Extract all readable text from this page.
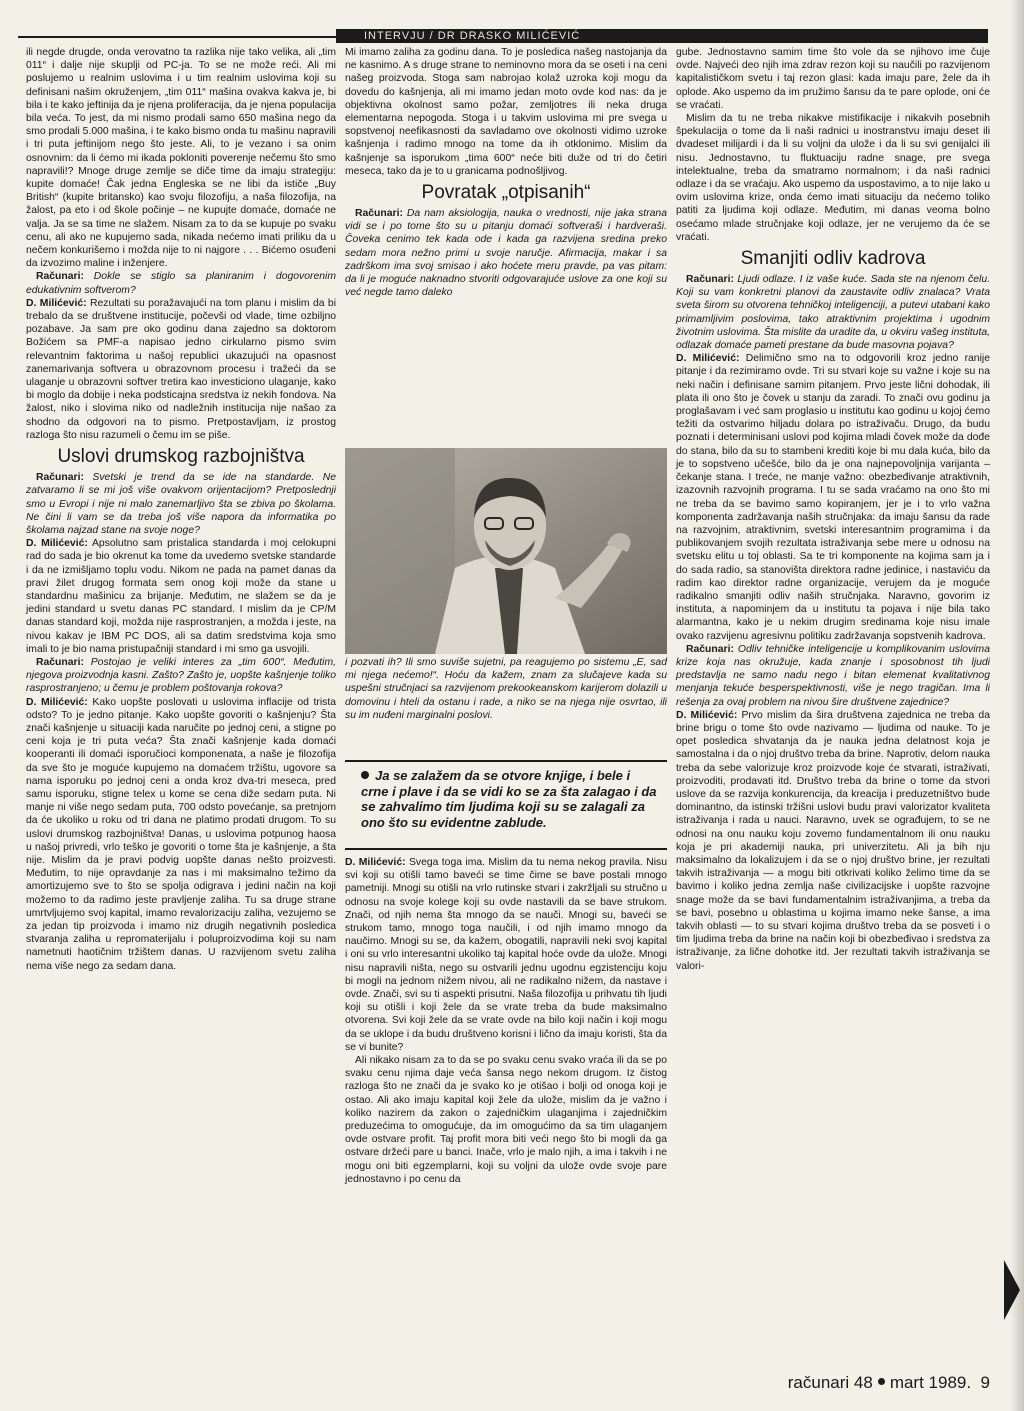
INTERVJU / DR DRASKO MILIĆEVIĆ

ili negde drugde, onda verovatno ta razlika nije tako velika, ali „tim 011“ i dalje nije skuplji od PC-ja. To se ne može reći. Ali mi poslujemo u realnim uslovima i u tim realnim uslovima koji su definisani našim okruženjem, „tim 011“ mašina ovakva kakva je, bi bila i te kako jeftinija da je njena proliferacija, da je njena populacija bila veća. To jest, da mi nismo prodali samo 650 mašina nego da smo prodali 5.000 mašina, i te kako bismo onda tu mašinu napravili i tri puta jeftinijom nego što jeste. Ali, to je vezano i sa onim osnovnim: da li ćemo mi ikada pokloniti poverenje nečemu što smo napravili!? Mnoge druge zemlje se diče time da imaju strategiju: kupite domaće! Čak jedna Engleska se ne libi da ističe „Buy British“ (kupite britansko) kao svoju filozofiju, a naša filozofija, na žalost, pa eto i od škole počinje – ne kupujte domaće, domaće ne valja. Ja se sa time ne slažem. Nisam za to da se kupuje po svaku cenu, ali ako ne kupujemo sada, nikada nećemo imati priliku da u nečem konkurišemo i možda nije to ni najgore . . . Bićemo osuđeni da izvozimo maline i inženjere.

Računari: Dokle se stiglo sa planiranim i dogovorenim edukativnim softverom?

D. Milićević: Rezultati su poražavajući na tom planu i mislim da bi trebalo da se društvene institucije, počevši od vlade, time ozbiljno pozabave. Ja sam pre oko godinu dana zajedno sa doktorom Božićem sa PMF-a napisao jedno cirkularno pismo svim relevantnim faktorima u našoj republici ukazujući na opasnost zanemarivanja softvera u obrazovnom procesu i tražeći da se ulaganje u obrazovni softver tretira kao investiciono ulaganje, kako bi moglo da dobije i neka podsticajna sredstva iz nekih fondova. Na žalost, niko i slovima niko od nadležnih institucija nije našao za shodno da odgovori na to pismo. Pretpostavljam, iz prostog razloga što nisu razumeli o čemu im se piše.

Uslovi drumskog razbojništva

Računari: Svetski je trend da se ide na standarde. Ne zatvaramo li se mi još više ovakvom orijentacijom? Pretposlednji smo u Evropi i nije ni malo zanemarljivo šta se zbiva po školama. Ne čini li vam se da treba još više napora da informatika po školama najzad stane na svoje noge?

D. Milićević: Apsolutno sam pristalica standarda i moj celokupni rad do sada je bio okrenut ka tome da uvedemo svetske standarde i da ne izmišljamo toplu vodu. Nikom ne pada na pamet danas da pravi žilet drugog formata sem onog koji može da stane u standardnu mašinicu za brijanje. Međutim, ne slažem se da je jedini standard u svetu danas PC standard. I mislim da je CP/M danas standard koji, možda nije rasprostranjen, a možda i jeste, na nivou kakav je IBM PC DOS, ali sa datim sredstvima koja smo imali to je bio nama pristupačniji standard i mi smo ga usvojili.

Računari: Postojao je veliki interes za „tim 600“. Međutim, njegova proizvodnja kasni. Zašto? Zašto je, uopšte kašnjenje toliko rasprostranjeno; u čemu je problem poštovanja rokova?

D. Milićević: Kako uopšte poslovati u uslovima inflacije od trista odsto? To je jedno pitanje. Kako uopšte govoriti o kašnjenju? Šta znači kašnjenje u situaciji kada naručite po jednoj ceni, a stigne po ceni koja je tri puta veća? Šta znači kašnjenje kada domaći kooperanti ili domaći isporučioci komponenata, a naše je filozofija da sve što je moguće kupujemo na domaćem tržištu, ugovore sa nama isporuku po jednoj ceni a onda kroz dva-tri meseca, pred samu isporuku, stigne telex u kome se cena diže sedam puta. Ni manje ni više nego sedam puta, 700 odsto povećanje, sa pretnjom da će ukoliko u roku od tri dana ne platimo prodati drugom. To su uslovi drumskog razbojništva! Danas, u uslovima potpunog haosa u našoj privredi, vrlo teško je govoriti o tome šta je kašnjenje, a šta nije. Mislim da je pravi podvig uopšte danas nešto proizvesti. Međutim, to nije opravdanje za nas i mi maksimalno težimo da amortizujemo sve to što se spolja odigrava i jedini način na koji možemo to da radimo jeste pravljenje zaliha. Tu sa druge strane umrtvljujemo svoj kapital, imamo revalorizaciju zaliha, vezujemo se za jedan tip proizvoda i imamo niz drugih negativnih posledica stvaranja zaliha u repromaterijalu i poluproizvodima koji su nam nametnuti haotičnim tržištem danas. U razvijenom svetu zaliha nema više nego za sedam dana.

Mi imamo zaliha za godinu dana. To je posledica našeg nastojanja da ne kasnimo. A s druge strane to neminovno mora da se oseti i na ceni našeg proizvoda. Stoga sam nabrojao kolaž uzroka koji mogu da dovedu do kašnjenja, ali mi imamo jedan moto ovde kod nas: da je objektivna okolnost samo požar, zemljotres ili neka druga elementarna nepogoda. Stoga i u takvim uslovima mi pre svega u sopstvenoj neefikasnosti da savladamo ove okolnosti vidimo uzroke kašnjenja i radimo mnogo na tome da ih otklonimo. Mislim da kašnjenje sa isporukom „tima 600“ neće biti duže od tri do četiri meseca, tako da je to u granicama podnošljivog.

Povratak „otpisanih“

Računari: Da nam aksiologija, nauka o vrednosti, nije jaka strana vidi se i po tome što su u pitanju domaći softveraši i hardveraši. Čoveka cenimo tek kada ode i kada ga razvijena sredina preko sedam mora nežno primi u svoje naručje. Afirmacija, makar i sa zadrškom ima svoj smisao i ako hoćete meru pravde, pa vas pitam: da li je moguće naknadno stvoriti odgovarajuće uslove za one koji su već negde tamo daleko

i pozvati ih? Ili smo suviše sujetni, pa reagujemo po sistemu „E, sad mi njega nećemo!“. Hoću da kažem, znam za slučajeve kada su uspešni stručnjaci sa razvijenom prekookeanskom karijerom dolazili u domovinu i hteli da ostanu i rade, a niko se na njega nije osvrtao, ili su im nuđeni marginalni poslovi.

Ja se zalažem da se otvore knjige, i bele i crne i plave i da se vidi ko se za šta zalagao i da se zahvalimo tim ljudima koji su se zalagali za ono što su evidentne zablude.

D. Milićević: Svega toga ima. Mislim da tu nema nekog pravila. Nisu svi koji su otišli tamo baveći se time čime se bave postali mnogo pametniji. Mnogi su otišli na vrlo rutinske stvari i zakržljali su stručno u odnosu na svoje kolege koji su ovde nastavili da se bave strukom. Znači, od njih nema šta mnogo da se nauči. Mnogi su, baveći se strukom tamo, mnogo toga naučili, i od njih imamo mnogo da naučimo. Mnogi su se, da kažem, obogatili, napravili neki svoj kapital i oni su vrlo interesantni ukoliko taj kapital hoće ovde da ulože. Mnogi nisu napravili ništa, nego su ostvarili jednu ugodnu egzistenciju koju bi mogli na jednom nižem nivou, ali ne radikalno nižem, da nastave i ovde. Znači, svi su ti aspekti prisutni. Naša filozofija u prihvatu tih ljudi koji su otišli i koji žele da se vrate treba da bude maksimalno otvorena. Svi koji žele da se vrate ovde na bilo koji način i koji mogu da se uklope i da budu društveno korisni i lično da imaju koristi, šta da se vi bunite?

Ali nikako nisam za to da se po svaku cenu svako vraća ili da se po svaku cenu njima daje veća šansa nego nekom drugom. Iz čistog razloga što ne znači da je svako ko je otišao i bolji od onoga koji je ostao. Ali ako imaju kapital koji žele da ulože, mislim da je važno i koliko nazirem da zakon o zajedničkim ulaganjima i zajedničkim preduzećima to omogućuje, da im omogućimo da sa tim ulaganjem ovde ostvare profit. Taj profit mora biti veći nego što bi mogli da ga ostvare držeći pare u banci. Inače, vrlo je malo njih, a ima i takvih i ne mogu oni biti egzemplarni, koji su voljni da ulože ovde svoje pare jednostavno i po cenu da

gube. Jednostavno samim time što vole da se njihovo ime čuje ovde. Najveći deo njih ima zdrav rezon koji su naučili po razvijenom kapitalističkom svetu i taj rezon glasi: kada imaju pare, žele da ih oplode. Ako uspemo da im pružimo šansu da te pare oplode, oni će se vraćati.

Mislim da tu ne treba nikakve mistifikacije i nikakvih posebnih špekulacija o tome da li naši radnici u inostranstvu imaju deset ili dvadeset milijardi i da li su voljni da ulože i da li su svi genijalci ili nisu. Jednostavno, tu fluktuaciju radne snage, pre svega intelektualne, treba da smatramo normalnom; i da naši radnici odlaze i da se vraćaju. Ako uspemo da uspostavimo, a to nije lako u ovim uslovima krize, onda ćemo imati situaciju da nećemo toliko patiti za ljudima koji odlaze. Međutim, mi danas veoma bolno osećamo mlade stručnjake koji odlaze, jer ne verujemo da će se vraćati.

Smanjiti odliv kadrova

Računari: Ljudi odlaze. I iz vaše kuće. Sada ste na njenom čelu. Koji su vam konkretni planovi da zaustavite odliv znalaca? Vrata sveta širom su otvorena tehničkoj inteligenciji, a putevi utabani kako primamljivim poslovima, tako atraktivnim projektima i ugodnim životnim uslovima. Šta mislite da uradite da, u okviru vašeg instituta, odlazak domaće pameti prestane da bude masovna pojava?

D. Milićević: Delimično smo na to odgovorili kroz jedno ranije pitanje i da rezimiramo ovde. Tri su stvari koje su važne i koje su na neki način i definisane samim pitanjem. Prvo jeste lični dohodak, ili plata ili ono što je čovek u stanju da zaradi. To znači ovu godinu ja proglašavam i već sam proglasio u institutu kao godinu u kojoj ćemo težiti da ostvarimo hiljadu dolara po istraživaču. Drugo, da budu poznati i determinisani uslovi pod kojima mladi čovek može da dođe do stana, bilo da su to stambeni krediti koje bi mu dala kuća, bilo da je to sopstveno učešće, bilo da je ona najnepovoljnija varijanta – čekanje stana. I treće, ne manje važno: obezbeđivanje atraktivnih, izazovnih razvojnih programa. I tu se sada vraćamo na ono što mi ne treba da se bavimo samo kopiranjem, jer je i to vrlo važna komponenta zadržavanja naših stručnjaka: da imaju šansu da rade na razvojnim, atraktivnim, svetski interesantnim programima i da publikovanjem svojih rezultata istraživanja sebe mere u odnosu na svetsku elitu u toj oblasti. Sa te tri komponente na kojima sam ja i do sada radio, sa stanovišta direktora radne jedinice, i nastaviću da radim kao direktor radne organizacije, verujem da je moguće radikalno smanjiti odliv naših stručnjaka. Naravno, govorim iz instituta, a napominjem da u institutu ta pojava i nije bila tako alarmantna, kako je u nekim drugim sredinama koje nisu imale ovako razvijenu agresivnu politiku zadržavanja sopstvenih kadrova.

Računari: Odliv tehničke inteligencije u komplikovanim uslovima krize koja nas okružuje, kada znanje i sposobnost tih ljudi predstavlja ne samo nadu nego i bitan elemenat kvalitativnog menjanja tekuće besperspektivnosti, više je nego tragičan. Ima li rešenja za ovaj problem na nivou šire društvene zajednice?

D. Milićević: Prvo mislim da šira društvena zajednica ne treba da brine brigu o tome što ovde nazivamo — ljudima od nauke. To je opet posledica shvatanja da je nauka jedna delatnost koja je samostalna i da o njoj društvo treba da brine. Naprotiv, delom nauka treba da sebe valorizuje kroz proizvode koje će stvarati, istraživati, proizvoditi, prodavati itd. Društvo treba da brine o tome da stvori uslove da se razvija konkurencija, da kreacija i preduzetništvo bude dominantno, da istinski tržišni uslovi budu pravi valorizator kvaliteta istraživanja i rada u nauci. Naravno, uvek se ograđujem, to se ne odnosi na onu nauku koju zovemo fundamentalnom ili onu nauku koja je pri akademiji nauka, pri univerzitetu. Ali ja bih nju maksimalno da lokalizujem i da se o njoj društvo brine, jer rezultati takvih istraživanja — a mogu biti otkrivati koliko želimo time da se bavimo i koliko jedna zemlja naše civilizacijske i uopšte razvojne snage može da se bavi fundamentalnim istraživanjima, a treba da se bavi, posebno u oblastima u kojima imamo neke šanse, a ima takvih oblasti — to su stvari kojima društvo treba da se posveti i o tim ljudima treba da brine na način koji bi obezbeđivao i sredstva za istraživanje, za lične dohotke itd. Jer rezultati takvih istraživanja se valori-

računari 48 mart 1989. 9
